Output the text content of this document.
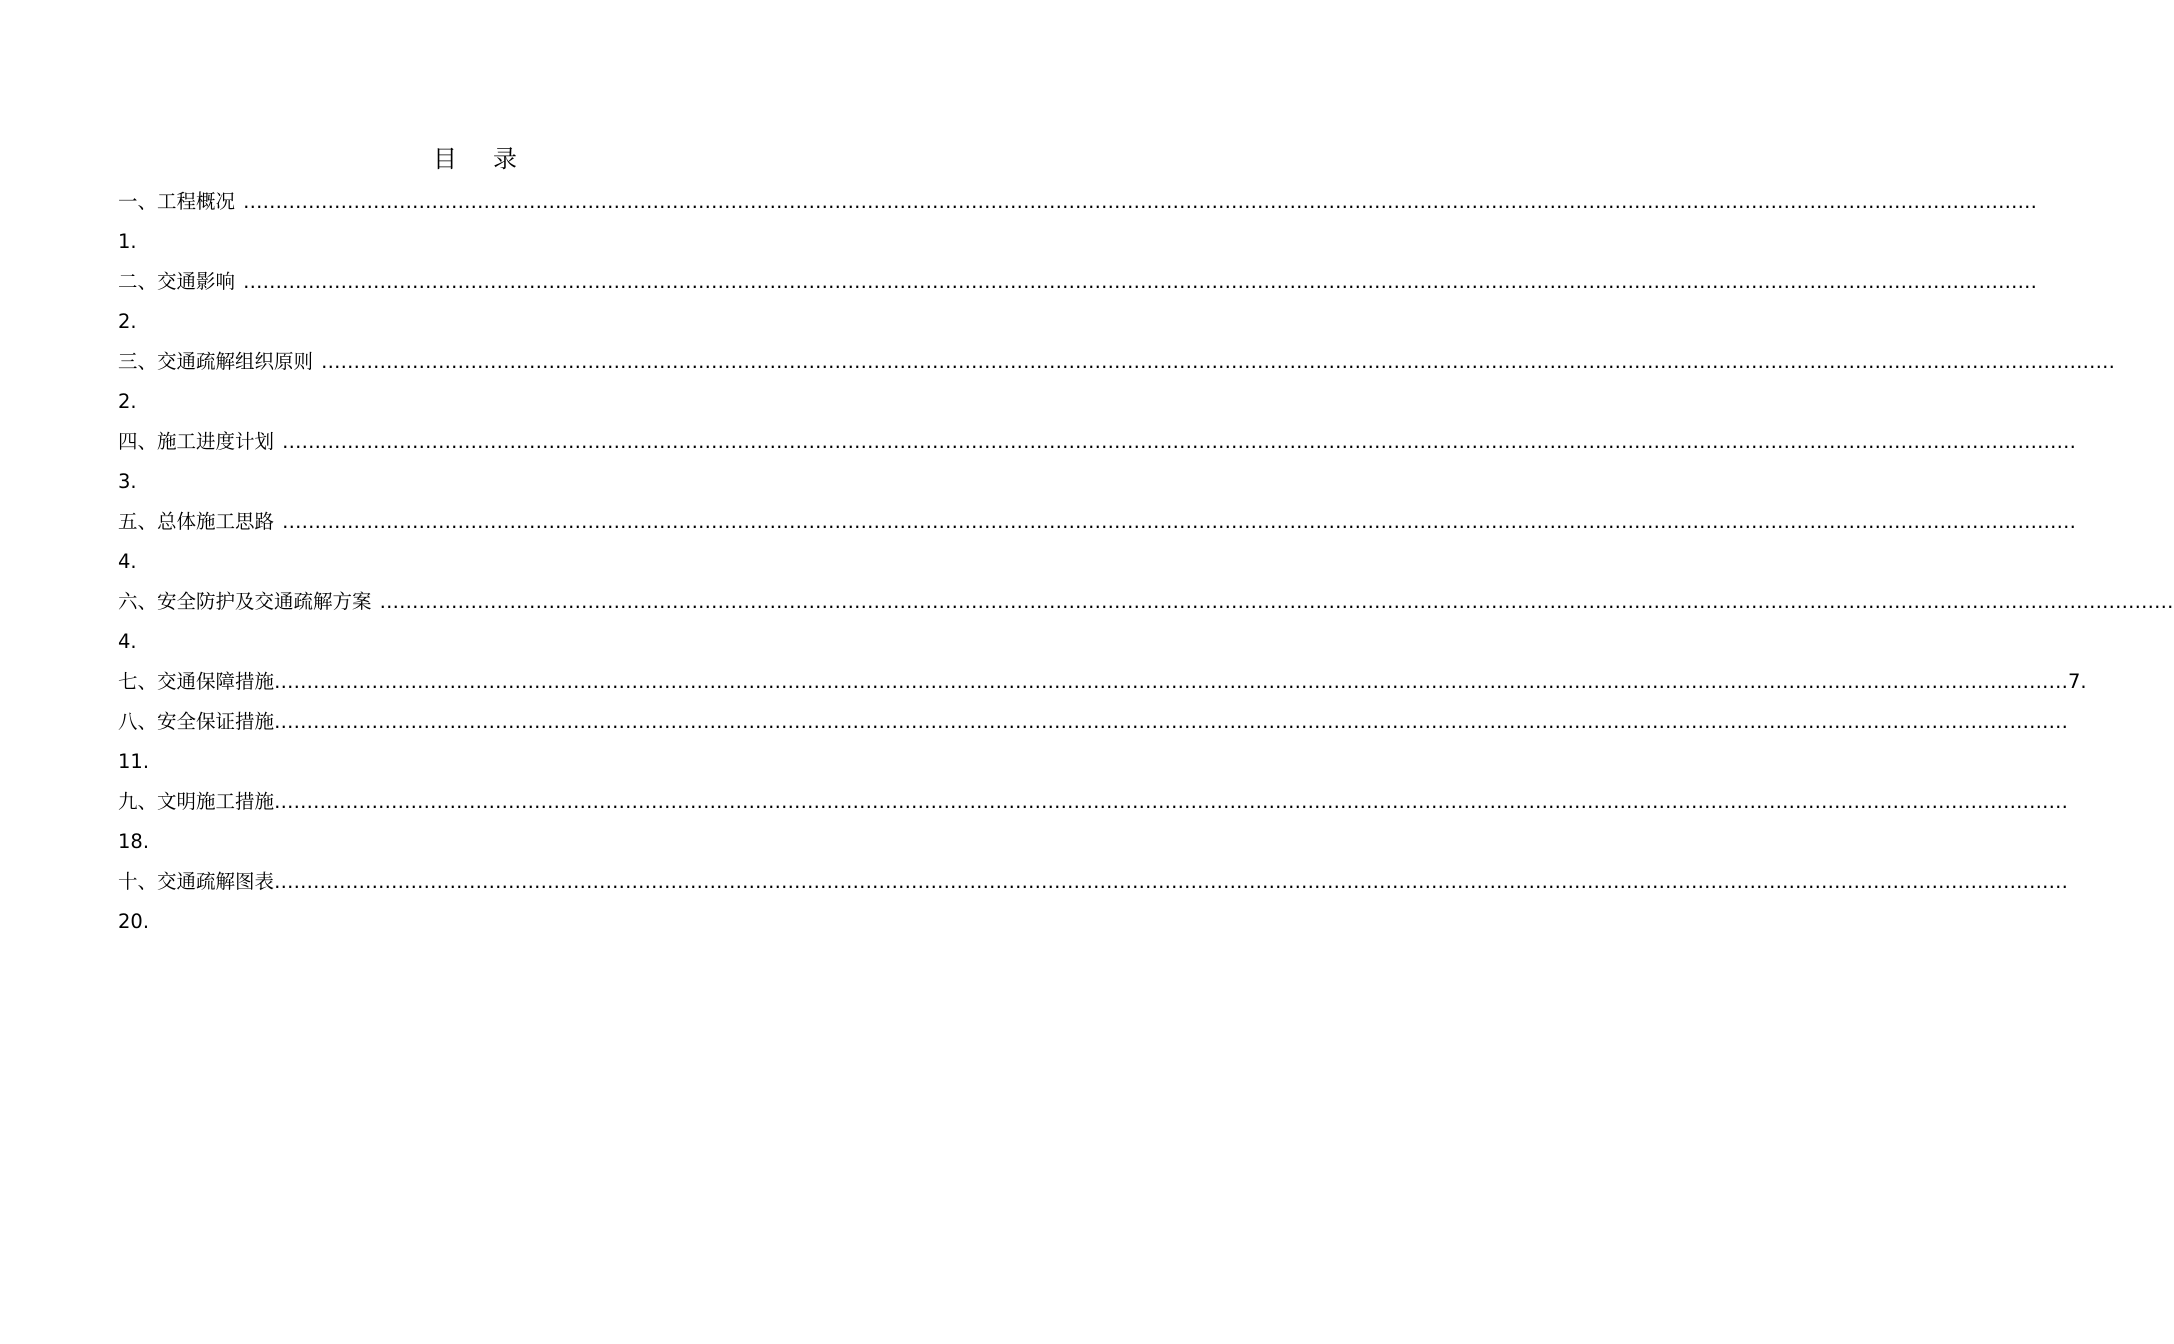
目 录
一、工程概况 ……………………………………………………………………………………………………………………………………………………………………………………………………………………………………………………
1.
二、交通影响 ……………………………………………………………………………………………………………………………………………………………………………………………………………………………………………………
2.
三、交通疏解组织原则 ……………………………………………………………………………………………………………………………………………………………………………………………………………………………………………………
2.
四、施工进度计划 ……………………………………………………………………………………………………………………………………………………………………………………………………………………………………………………
3.
五、总体施工思路 ……………………………………………………………………………………………………………………………………………………………………………………………………………………………………………………
4.
六、安全防护及交通疏解方案 ……………………………………………………………………………………………………………………………………………………………………………………………………………………………………………………
4.
七、交通保障措施 …………………………………………………………………………………………………………………………………………………………………………………………………………………………………………………… 7.
八、安全保证措施 ……………………………………………………………………………………………………………………………………………………………………………………………………………………………………………………
11.
九、文明施工措施 ……………………………………………………………………………………………………………………………………………………………………………………………………………………………………………………
18.
十、交通疏解图表 ……………………………………………………………………………………………………………………………………………………………………………………………………………………………………………………
20.
